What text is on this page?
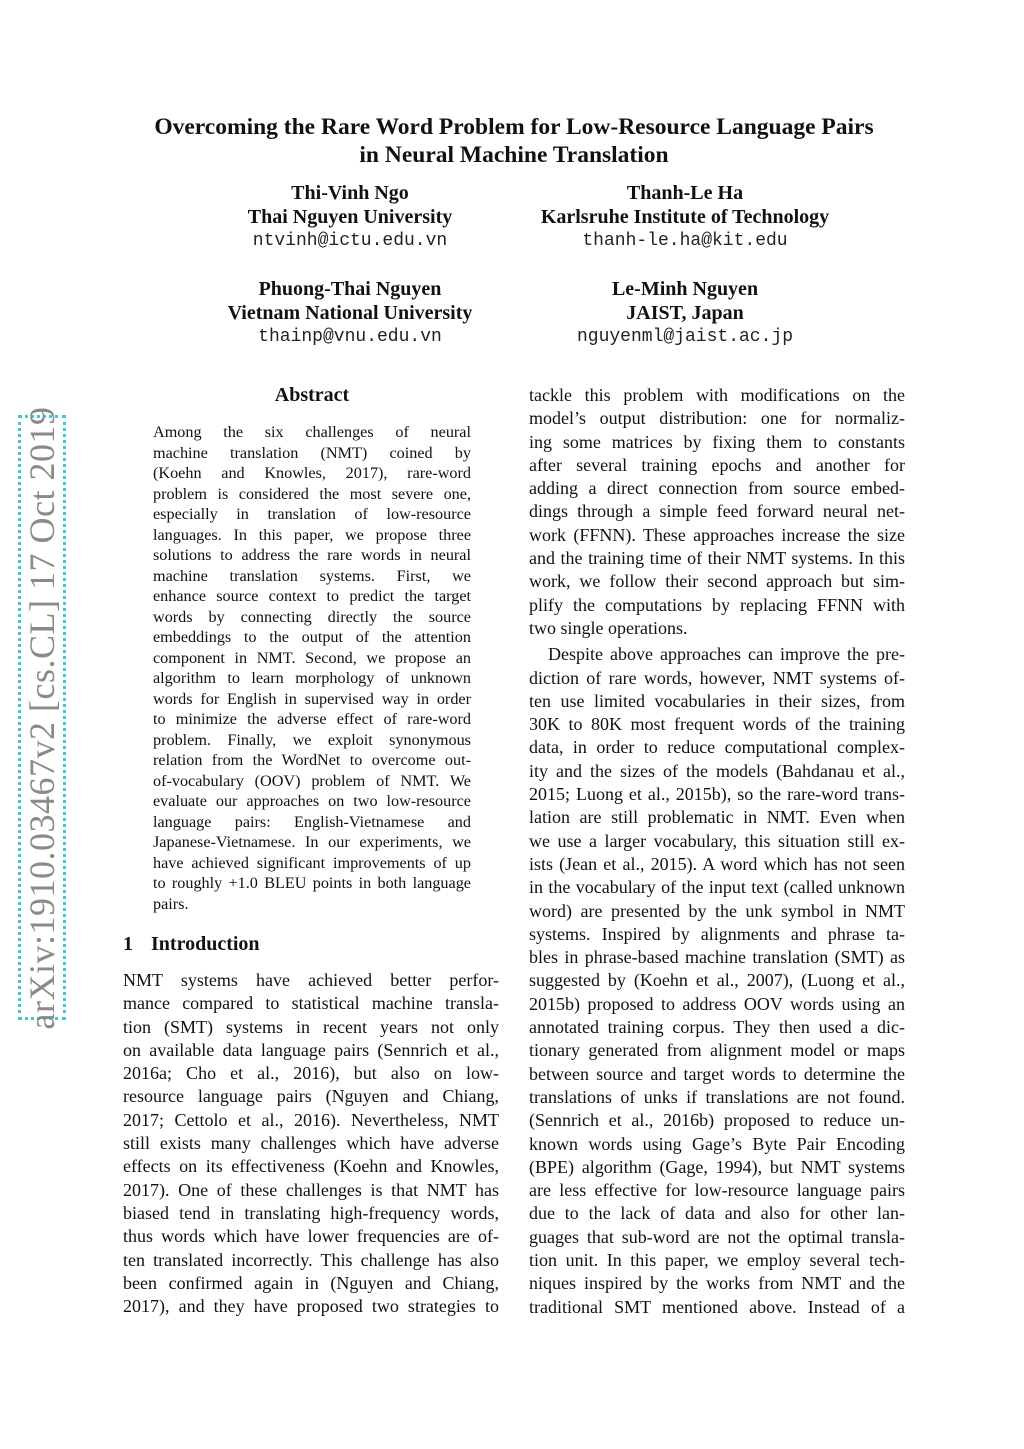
arXiv:1910.03467v2 [cs.CL] 17 Oct 2019
Overcoming the Rare Word Problem for Low-Resource Language Pairs
in Neural Machine Translation
Thi-Vinh Ngo
Thai Nguyen University
ntvinh@ictu.edu.vn
Thanh-Le Ha
Karlsruhe Institute of Technology
thanh-le.ha@kit.edu
Phuong-Thai Nguyen
Vietnam National University
thainp@vnu.edu.vn
Le-Minh Nguyen
JAIST, Japan
nguyenml@jaist.ac.jp
Abstract
Among the six challenges of neural
machine translation (NMT) coined by
(Koehn and Knowles, 2017), rare-word
problem is considered the most severe one,
especially in translation of low-resource
languages. In this paper, we propose three
solutions to address the rare words in neural
machine translation systems. First, we
enhance source context to predict the target
words by connecting directly the source
embeddings to the output of the attention
component in NMT. Second, we propose an
algorithm to learn morphology of unknown
words for English in supervised way in order
to minimize the adverse effect of rare-word
problem. Finally, we exploit synonymous
relation from the WordNet to overcome out-
of-vocabulary (OOV) problem of NMT. We
evaluate our approaches on two low-resource
language pairs: English-Vietnamese and
Japanese-Vietnamese. In our experiments, we
have achieved significant improvements of up
to roughly +1.0 BLEU points in both language
pairs.
1 Introduction
NMT systems have achieved better perfor-
mance compared to statistical machine transla-
tion (SMT) systems in recent years not only
on available data language pairs (Sennrich et al.,
2016a; Cho et al., 2016), but also on low-
resource language pairs (Nguyen and Chiang,
2017; Cettolo et al., 2016). Nevertheless, NMT
still exists many challenges which have adverse
effects on its effectiveness (Koehn and Knowles,
2017). One of these challenges is that NMT has
biased tend in translating high-frequency words,
thus words which have lower frequencies are of-
ten translated incorrectly. This challenge has also
been confirmed again in (Nguyen and Chiang,
2017), and they have proposed two strategies to
tackle this problem with modifications on the
model’s output distribution: one for normaliz-
ing some matrices by fixing them to constants
after several training epochs and another for
adding a direct connection from source embed-
dings through a simple feed forward neural net-
work (FFNN). These approaches increase the size
and the training time of their NMT systems. In this
work, we follow their second approach but sim-
plify the computations by replacing FFNN with
two single operations.
Despite above approaches can improve the pre-
diction of rare words, however, NMT systems of-
ten use limited vocabularies in their sizes, from
30K to 80K most frequent words of the training
data, in order to reduce computational complex-
ity and the sizes of the models (Bahdanau et al.,
2015; Luong et al., 2015b), so the rare-word trans-
lation are still problematic in NMT. Even when
we use a larger vocabulary, this situation still ex-
ists (Jean et al., 2015). A word which has not seen
in the vocabulary of the input text (called unknown
word) are presented by the unk symbol in NMT
systems. Inspired by alignments and phrase ta-
bles in phrase-based machine translation (SMT) as
suggested by (Koehn et al., 2007), (Luong et al.,
2015b) proposed to address OOV words using an
annotated training corpus. They then used a dic-
tionary generated from alignment model or maps
between source and target words to determine the
translations of unks if translations are not found.
(Sennrich et al., 2016b) proposed to reduce un-
known words using Gage’s Byte Pair Encoding
(BPE) algorithm (Gage, 1994), but NMT systems
are less effective for low-resource language pairs
due to the lack of data and also for other lan-
guages that sub-word are not the optimal transla-
tion unit. In this paper, we employ several tech-
niques inspired by the works from NMT and the
traditional SMT mentioned above. Instead of a
